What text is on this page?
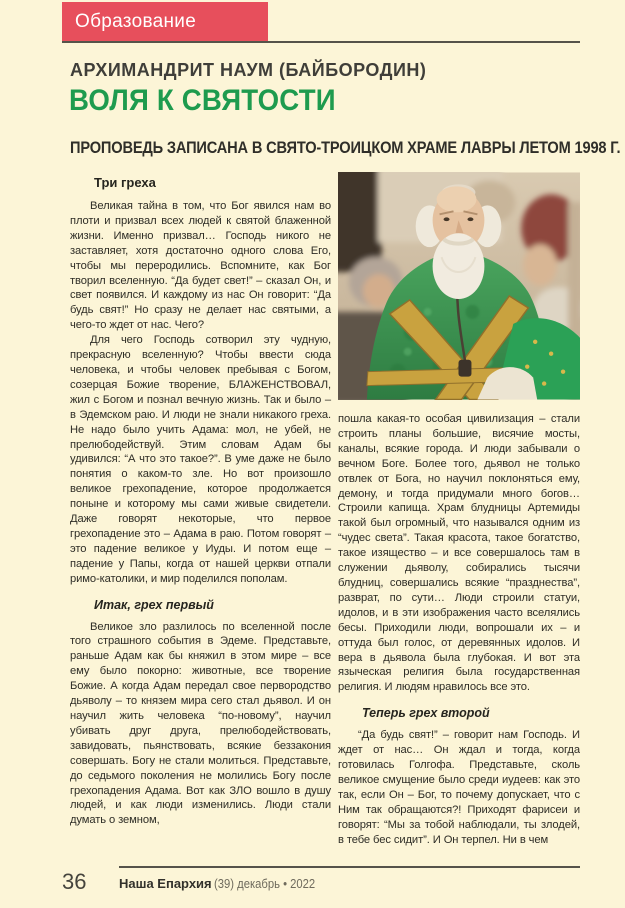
Образование
АРХИМАНДРИТ НАУМ (БАЙБОРОДИН)
ВОЛЯ К СВЯТОСТИ
ПРОПОВЕДЬ ЗАПИСАНА В СВЯТО-ТРОИЦКОМ ХРАМЕ ЛАВРЫ ЛЕТОМ 1998 Г.
Три греха

Великая тайна в том, что Бог явился нам во плоти и призвал всех людей к святой блаженной жизни. Именно призвал… Господь никого не заставляет, хотя достаточно одного слова Его, чтобы мы переродились. Вспомните, как Бог творил вселенную. “Да будет свет!” – сказал Он, и свет появился. И каждому из нас Он говорит: “Да будь свят!” Но сразу не делает нас святыми, а чего-то ждет от нас. Чего?

Для чего Господь сотворил эту чудную, прекрасную вселенную? Чтобы ввести сюда человека, и чтобы человек пребывая с Богом, созерцая Божие творение, БЛАЖЕНСТВОВАЛ, жил с Богом и познал вечную жизнь. Так и было – в Эдемском раю. И люди не знали никакого греха. Не надо было учить Адама: мол, не убей, не прелюбодействуй. Этим словам Адам бы удивился: “А что это такое?”. В уме даже не было понятия о каком-то зле. Но вот произошло великое грехопадение, которое продолжается поныне и которому мы сами живые свидетели. Даже говорят некоторые, что первое грехопадение это – Адама в раю. Потом говорят – это падение великое у Иуды. И потом еще – падение у Папы, когда от нашей церкви отпали римо-католики, и мир поделился пополам.

Итак, грех первый

Великое зло разлилось по вселенной после того страшного события в Эдеме. Представьте, раньше Адам как бы княжил в этом мире – все ему было покорно: животные, все творение Божие. А когда Адам передал свое первородство дьяволу – то князем мира сего стал дьявол. И он научил жить человека “по-новому”, научил убивать друг друга, прелюбодействовать, завидовать, пьянствовать, всякие беззакония совершать. Богу не стали молиться. Представьте, до седьмого поколения не молились Богу после грехопадения Адама. Вот как ЗЛО вошло в душу людей, и как люди изменились. Люди стали думать о земном,

пошла какая-то особая цивилизация – стали строить планы большие, висячие мосты, каналы, всякие города. И люди забывали о вечном Боге. Более того, дьявол не только отвлек от Бога, но научил поклоняться ему, демону, и тогда придумали много богов… Строили капища. Храм блудницы Артемиды такой был огромный, что назывался одним из “чудес света”. Такая красота, такое богатство, такое изящество – и все совершалось там в служении дьяволу, собирались тысячи блудниц, совершались всякие “празднества”, разврат, по сути… Люди строили статуи, идолов, и в эти изображения часто вселялись бесы. Приходили люди, вопрошали их – и оттуда был голос, от деревянных идолов. И вера в дьявола была глубокая. И вот эта языческая религия была государственная религия. И людям нравилось все это.

Теперь грех второй

“Да будь свят!” – говорит нам Господь. И ждет от нас… Он ждал и тогда, когда готовилась Голгофа. Представьте, сколь великое смущение было среди иудеев: как это так, если Он – Бог, то почему допускает, что с Ним так обращаются?! Приходят фарисеи и говорят: “Мы за тобой наблюдали, ты злодей, в тебе бес сидит”. И Он терпел. Ни в чем

36	Наша Епархия (39) декабрь • 2022
